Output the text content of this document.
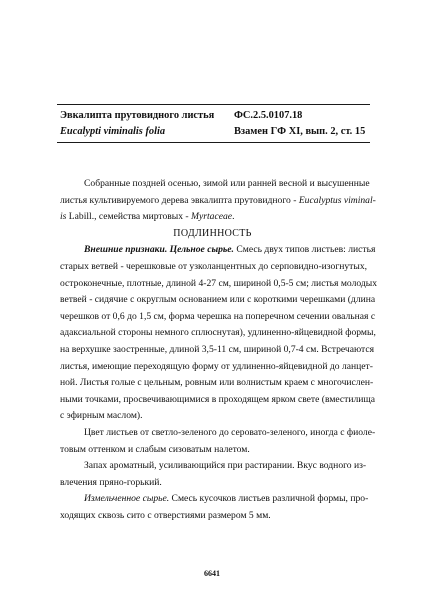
Эвкалипта прутовидного листья
Eucalypti viminalis folia
ФС.2.5.0107.18
Взамен ГФ XI, вып. 2, ст. 15
Собранные поздней осенью, зимой или ранней весной и высушенные
листья культивируемого дерева эвкалипта прутовидного - Eucalyptus viminal-
is Labill., семейства миртовых - Myrtaceae.
ПОДЛИННОСТЬ
Внешние признаки. Цельное сырье. Смесь двух типов листьев: листья
старых ветвей - черешковые от узколанцентных до серповидно-изогнутых,
остроконечные, плотные, длиной 4-27 см, шириной 0,5-5 см; листья молодых
ветвей - сидячие с округлым основанием или с короткими черешками (длина
черешков от 0,6 до 1,5 см, форма черешка на поперечном сечении овальная с
адаксиальной стороны немного сплюснутая), удлиненно-яйцевидной формы,
на верхушке заостренные, длиной 3,5-11 см, шириной 0,7-4 см. Встречаются
листья, имеющие переходящую форму от удлиненно-яйцевидной до ланцет-
ной. Листья голые с цельным, ровным или волнистым краем с многочислен-
ными точками, просвечивающимися в проходящем ярком свете (вместилища
с эфирным маслом).
Цвет листьев от светло-зеленого до серовато-зеленого, иногда с фиоле-
товым оттенком и слабым сизоватым налетом.
Запах ароматный, усиливающийся при растирании. Вкус водного из-
влечения пряно-горький.
Измельченное сырье. Смесь кусочков листьев различной формы, про-
ходящих сквозь сито с отверстиями размером 5 мм.
6641
